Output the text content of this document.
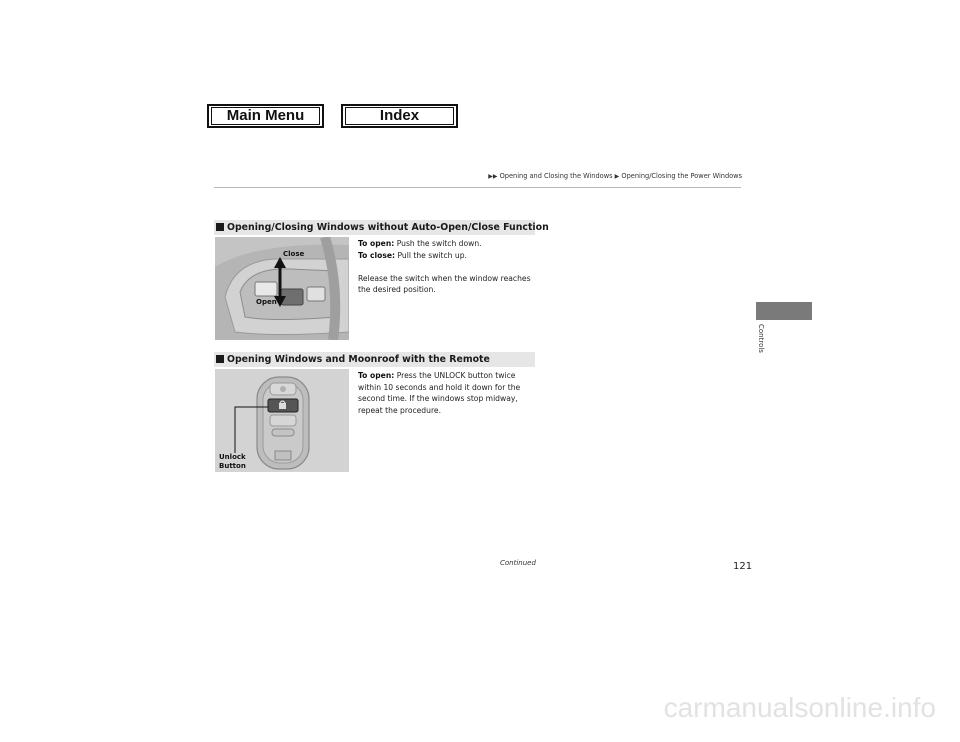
Main Menu	Index
▶▶ Opening and Closing the Windows ▶ Opening/Closing the Power Windows
Opening/Closing Windows without Auto-Open/Close Function
Close
Open
To open: Push the switch down.
To close: Pull the switch up.
Release the switch when the window reaches
the desired position.
Opening Windows and Moonroof with the Remote
Unlock
Button
To open: Press the UNLOCK button twice
within 10 seconds and hold it down for the
second time. If the windows stop midway,
repeat the procedure.
Controls
Continued	121
carmanualsonline.info
